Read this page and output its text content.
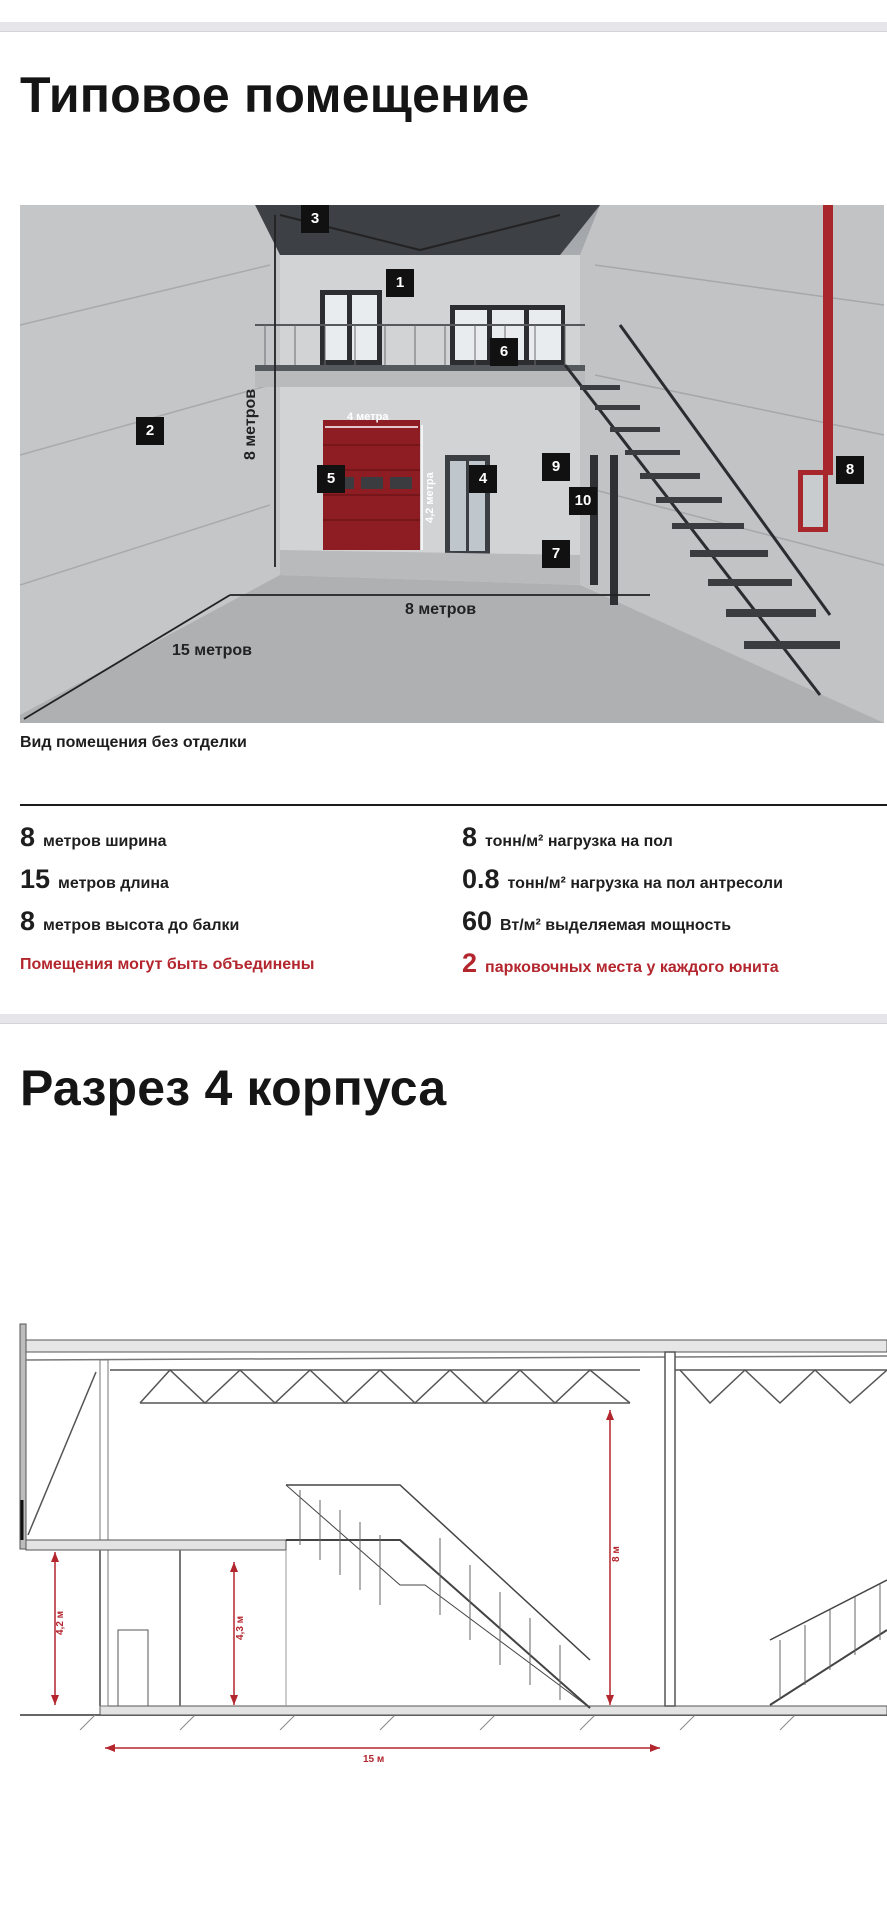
Типовое помещение
1
2
3
4
5
6
7
8
9
10
8 метров
8 метров
15 метров
4 метра
4,2 метра
Вид помещения без отделки
8 метров ширина
15 метров длина
8 метров высота до балки
Помещения могут быть объединены
8 тонн/м² нагрузка на пол
0.8 тонн/м² нагрузка на пол антресоли
60 Вт/м² выделяемая мощность
2 парковочных места у каждого юнита
Разрез 4 корпуса
4,2 м	4,3 м
8 м
15 м
